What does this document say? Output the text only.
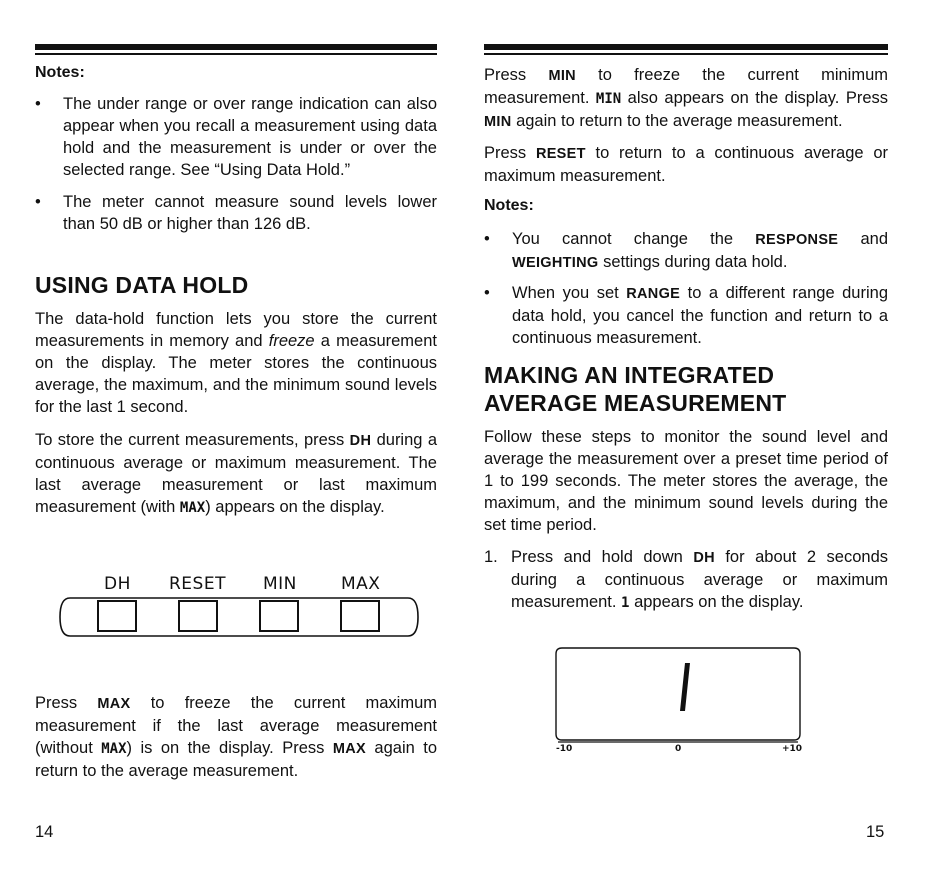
Notes:
• The under range or over range indication can also appear when you recall a measurement using data hold and the measurement is under or over the selected range. See “Using Data Hold.”
• The meter cannot measure sound levels lower than 50 dB or higher than 126 dB.
USING DATA HOLD

The data-hold function lets you store the current measurements in memory and freeze a measurement on the display. The meter stores the continuous average, the maximum, and the minimum sound levels for the last 1 second.

To store the current measurements, press DH during a continuous average or maximum measurement. The last average measurement or last maximum measurement (with MAX) appears on the display.

DH RESET MIN	MAX

Press MAX to freeze the current maximum measurement if the last average measurement (without MAX) is on the display. Press MAX again to return to the average measurement.

14

Press MIN to freeze the current minimum measurement. MIN also appears on the display. Press MIN again to return to the average measurement.

Press RESET to return to a continuous average or maximum measurement.

Notes:
• You cannot change the RESPONSE and WEIGHTING settings during data hold.
• When you set RANGE to a different range during data hold, you cancel the function and return to a continuous measurement.
MAKING AN INTEGRATED
AVERAGE MEASUREMENT

Follow these steps to monitor the sound level and average the measurement over a preset time period of 1 to 199 seconds. The meter stores the average, the maximum, and the minimum sound levels during the set time period.

1. Press and hold down DH for about 2 seconds during a continuous average or maximum measurement. 1 appears on the display.
-10	0	+10
15
